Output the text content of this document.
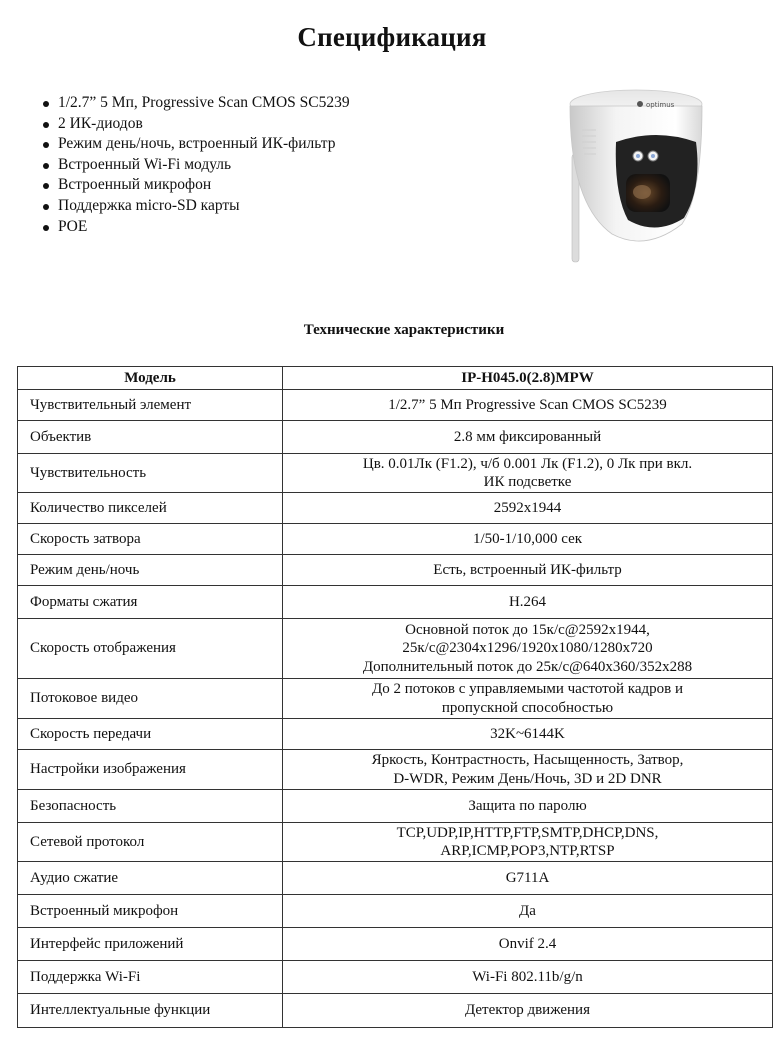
Спецификация
1/2.7” 5 Мп, Progressive Scan CMOS SC5239
2 ИК-диодов
Режим день/ночь, встроенный ИК-фильтр
Встроенный Wi-Fi модуль
Встроенный микрофон
Поддержка micro-SD карты
POE
optimus
Технические характеристики
Модель	IP-H045.0(2.8)MPW
Чувствительный элемент	1/2.7” 5 Мп Progressive Scan CMOS SC5239

Объектив	2.8 мм фиксированный

Чувствительность	Цв. 0.01Лк (F1.2), ч/б 0.001 Лк (F1.2), 0 Лк при вкл.
ИК подсветке

Количество пикселей	2592x1944

Скорость затвора	1/50-1/10,000 сек

Режим день/ночь	Есть, встроенный ИК-фильтр

Форматы сжатия	H.264

Скорость отображения	Основной поток до 15к/с@2592x1944,
25к/с@2304x1296/1920x1080/1280x720
Дополнительный поток до 25к/с@640x360/352x288

Потоковое видео	До 2 потоков с управляемыми частотой кадров и
пропускной способностью

Скорость передачи	32K~6144K

Настройки изображения	Яркость, Контрастность, Насыщенность, Затвор,
D-WDR, Режим День/Ночь, 3D и 2D DNR

Безопасность	Защита по паролю

Сетевой протокол	TCP,UDP,IP,HTTP,FTP,SMTP,DHCP,DNS,
ARP,ICMP,POP3,NTP,RTSP

Аудио сжатие	G711A

Встроенный микрофон	Да

Интерфейс приложений	Onvif 2.4

Поддержка Wi-Fi	Wi-Fi 802.11b/g/n

Интеллектуальные функции	Детектор движения
